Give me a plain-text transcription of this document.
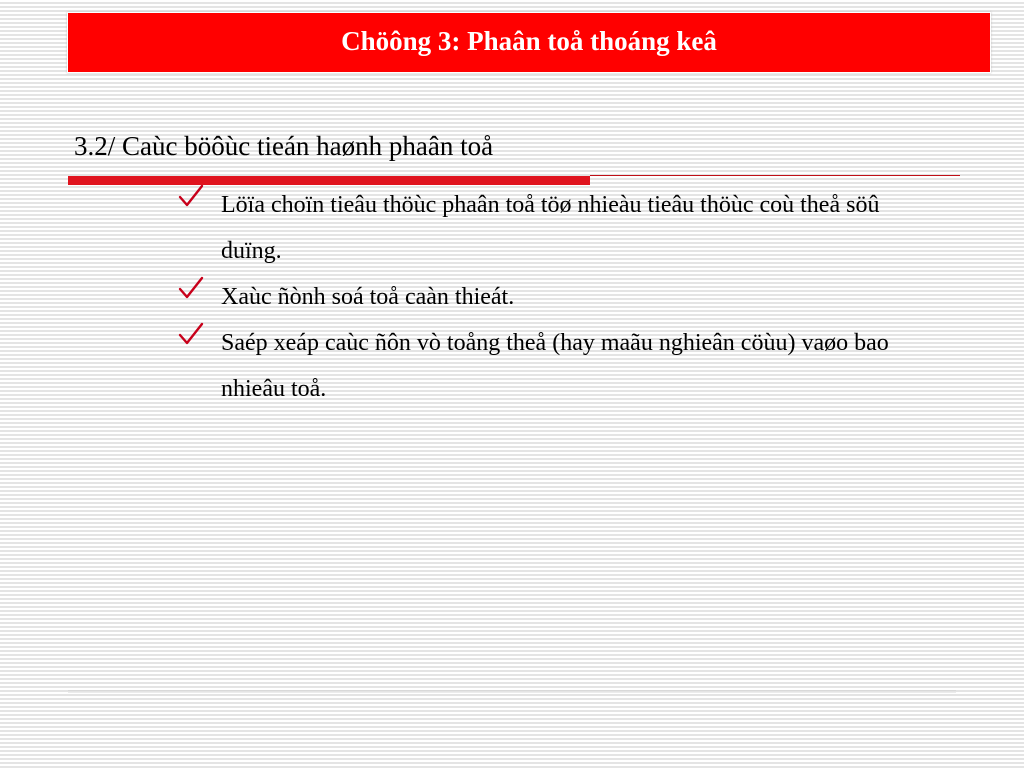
Chöông 3: Phaân toå thoáng keâ
3.2/ Caùc böôùc tieán haønh phaân toå
Löïa choïn tieâu thöùc phaân toå töø nhieàu tieâu thöùc coù theå söû duïng.
Xaùc ñònh soá toå caàn thieát.
Saép xeáp caùc ñôn vò toång theå (hay maãu nghieân cöùu) vaøo bao nhieâu toå.
